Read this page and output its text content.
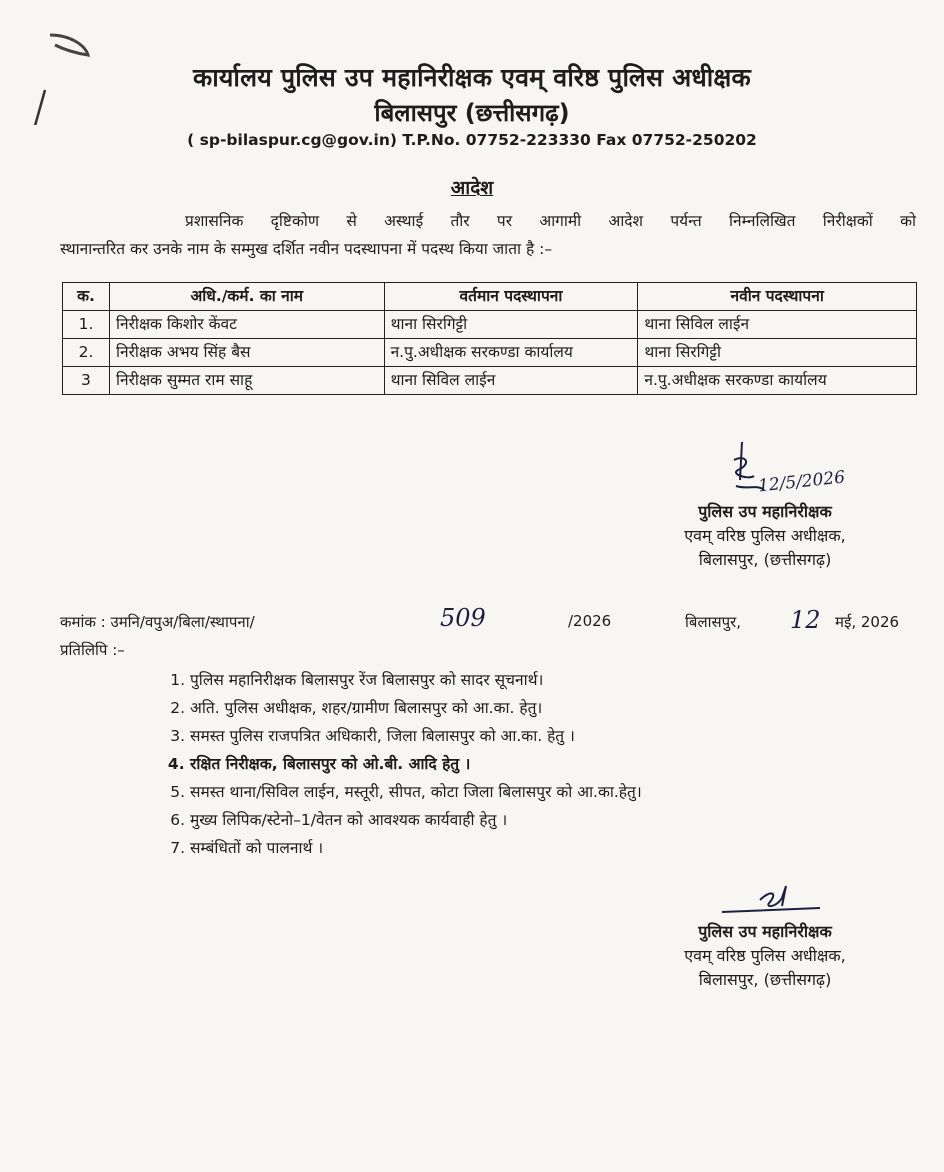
कार्यालय पुलिस उप महानिरीक्षक एवम् वरिष्ठ पुलिस अधीक्षक
बिलासपुर (छत्तीसगढ़)
( sp-bilaspur.cg@gov.in) T.P.No. 07752-223330 Fax 07752-250202
आदेश
प्रशासनिक दृष्टिकोण से अस्थाई तौर पर आगामी आदेश पर्यन्त निम्नलिखित निरीक्षकों को
स्थानान्तरित कर उनके नाम के सम्मुख दर्शित नवीन पदस्थापना में पदस्थ किया जाता है :–
क.	अधि./कर्म. का नाम	वर्तमान पदस्थापना	नवीन पदस्थापना
1.	निरीक्षक किशोर केंवट	थाना सिरगिट्टी	थाना सिविल लाईन
2.	निरीक्षक अभय सिंह बैस	न.पु.अधीक्षक सरकण्डा कार्यालय	थाना सिरगिट्टी
3	निरीक्षक सुम्मत राम साहू	थाना सिविल लाईन	न.पु.अधीक्षक सरकण्डा कार्यालय
12/5/2026
पुलिस उप महानिरीक्षक
एवम् वरिष्ठ पुलिस अधीक्षक,
बिलासपुर, (छत्तीसगढ़)
कमांक : उमनि/वपुअ/बिला/स्थापना/	509	/2026	बिलासपुर, 12 मई, 2026
प्रतिलिपि :–
1. पुलिस महानिरीक्षक बिलासपुर रेंज बिलासपुर को सादर सूचनार्थ।
2. अति. पुलिस अधीक्षक, शहर/ग्रामीण बिलासपुर को आ.का. हेतु।
3. समस्त पुलिस राजपत्रित अधिकारी, जिला बिलासपुर को आ.का. हेतु ।
4. रक्षित निरीक्षक, बिलासपुर को ओ.बी. आदि हेतु ।
5. समस्त थाना/सिविल लाईन, मस्तूरी, सीपत, कोटा जिला बिलासपुर को आ.का.हेतु।
6. मुख्य लिपिक/स्टेनो–1/वेतन को आवश्यक कार्यवाही हेतु ।
7. सम्बंधितों को पालनार्थ ।
पुलिस उप महानिरीक्षक
एवम् वरिष्ठ पुलिस अधीक्षक,
बिलासपुर, (छत्तीसगढ़)
